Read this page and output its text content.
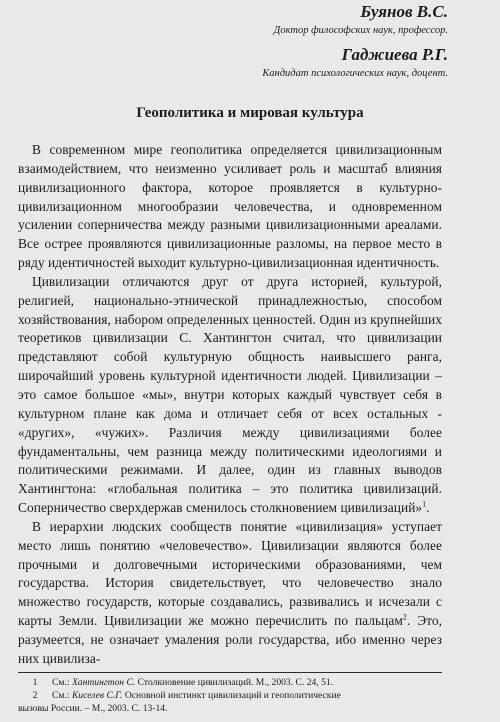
Буянов В.С.
Доктор философских наук, профессор.
Гаджиева Р.Г.
Кандидат психологических наук, доцент.
Геополитика и мировая культура

В современном мире геополитика определяется цивилизационным взаимодействием, что неизменно усиливает роль и масштаб влияния цивилизационного фактора, которое проявляется в культурно-цивилизационном многообразии человечества, и одновременном усилении соперничества между разными цивилизационными ареалами. Все острее проявляются цивилизационные разломы, на первое место в ряду идентичностей выходит культурно-цивилизационная идентичность.

Цивилизации отличаются друг от друга историей, культурой, религией, национально-этнической принадлежностью, способом хозяйствования, набором определенных ценностей. Один из крупнейших теоретиков цивилизации С. Хантингтон считал, что цивилизации представляют собой культурную общность наивысшего ранга, широчайший уровень культурной идентичности людей. Цивилизации – это самое большое «мы», внутри которых каждый чувствует себя в культурном плане как дома и отличает себя от всех остальных - «других», «чужих». Различия между цивилизациями более фундаментальны, чем разница между политическими идеологиями и политическими режимами. И далее, один из главных выводов Хантингтона: «глобальная политика – это политика цивилизаций. Соперничество сверхдержав сменилось столкновением цивилизаций»$^1$.

В иерархии людских сообществ понятие «цивилизация» уступает место лишь понятию «человечество». Цивилизации являются более прочными и долговечными историческими образованиями, чем государства. История свидетельствует, что человечество знало множество государств, которые создавались, развивались и исчезали с карты Земли. Цивилизации же можно перечислить по пальцам$^2$. Это, разумеется, не означает умаления роли государства, ибо именно через них цивилиза-

1 См.: Хантингтон С. Столкновение цивилизаций. М., 2003. С. 24, 51.
2 См.: Киселев С.Г. Основной инстинкт цивилизаций и геополитические
вызовы России. – М., 2003. С. 13-14.
